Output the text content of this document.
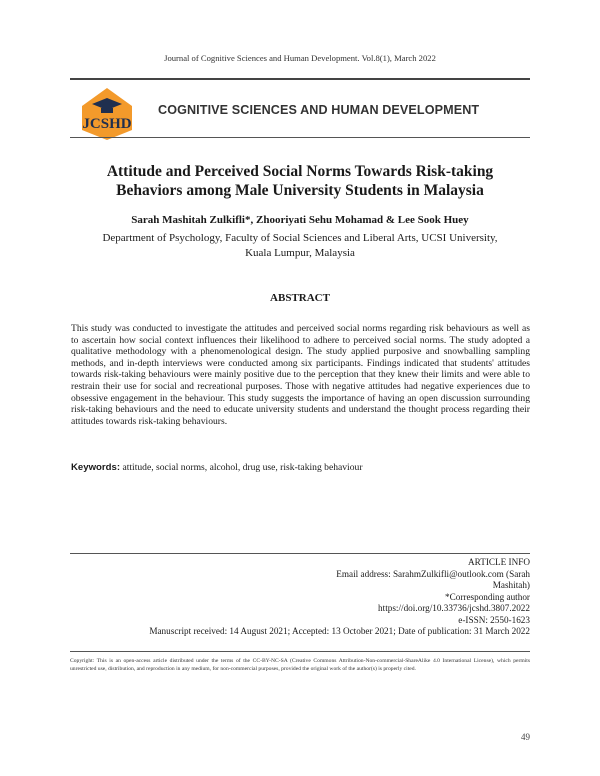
Journal of Cognitive Sciences and Human Development. Vol.8(1), March 2022
JCSHD
COGNITIVE SCIENCES AND HUMAN DEVELOPMENT
Attitude and Perceived Social Norms Towards Risk-taking
Behaviors among Male University Students in Malaysia
Sarah Mashitah Zulkifli*, Zhooriyati Sehu Mohamad & Lee Sook Huey
Department of Psychology, Faculty of Social Sciences and Liberal Arts, UCSI University,
Kuala Lumpur, Malaysia
ABSTRACT
This study was conducted to investigate the attitudes and perceived social norms regarding risk behaviours as well as to ascertain how social context influences their likelihood to adhere to perceived social norms. The study adopted a qualitative methodology with a phenomenological design. The study applied purposive and snowballing sampling methods, and in-depth interviews were conducted among six participants. Findings indicated that students' attitudes towards risk-taking behaviours were mainly positive due to the perception that they knew their limits and were able to restrain their use for social and recreational purposes. Those with negative attitudes had negative experiences due to obsessive engagement in the behaviour. This study suggests the importance of having an open discussion surrounding risk-taking behaviours and the need to educate university students and understand the thought process regarding their attitudes towards risk-taking behaviours.
Keywords: attitude, social norms, alcohol, drug use, risk-taking behaviour
ARTICLE INFO
Email address: SarahmZulkifli@outlook.com (Sarah Mashitah)
*Corresponding author
https://doi.org/10.33736/jcshd.3807.2022
e-ISSN: 2550-1623
Manuscript received: 14 August 2021; Accepted: 13 October 2021; Date of publication: 31 March 2022
Copyright: This is an open-access article distributed under the terms of the CC-BY-NC-SA (Creative Commons Attribution-Non-commercial-ShareAlike 4.0 International License), which permits unrestricted use, distribution, and reproduction in any medium, for non-commercial purposes, provided the original work of the author(s) is properly cited.
49
